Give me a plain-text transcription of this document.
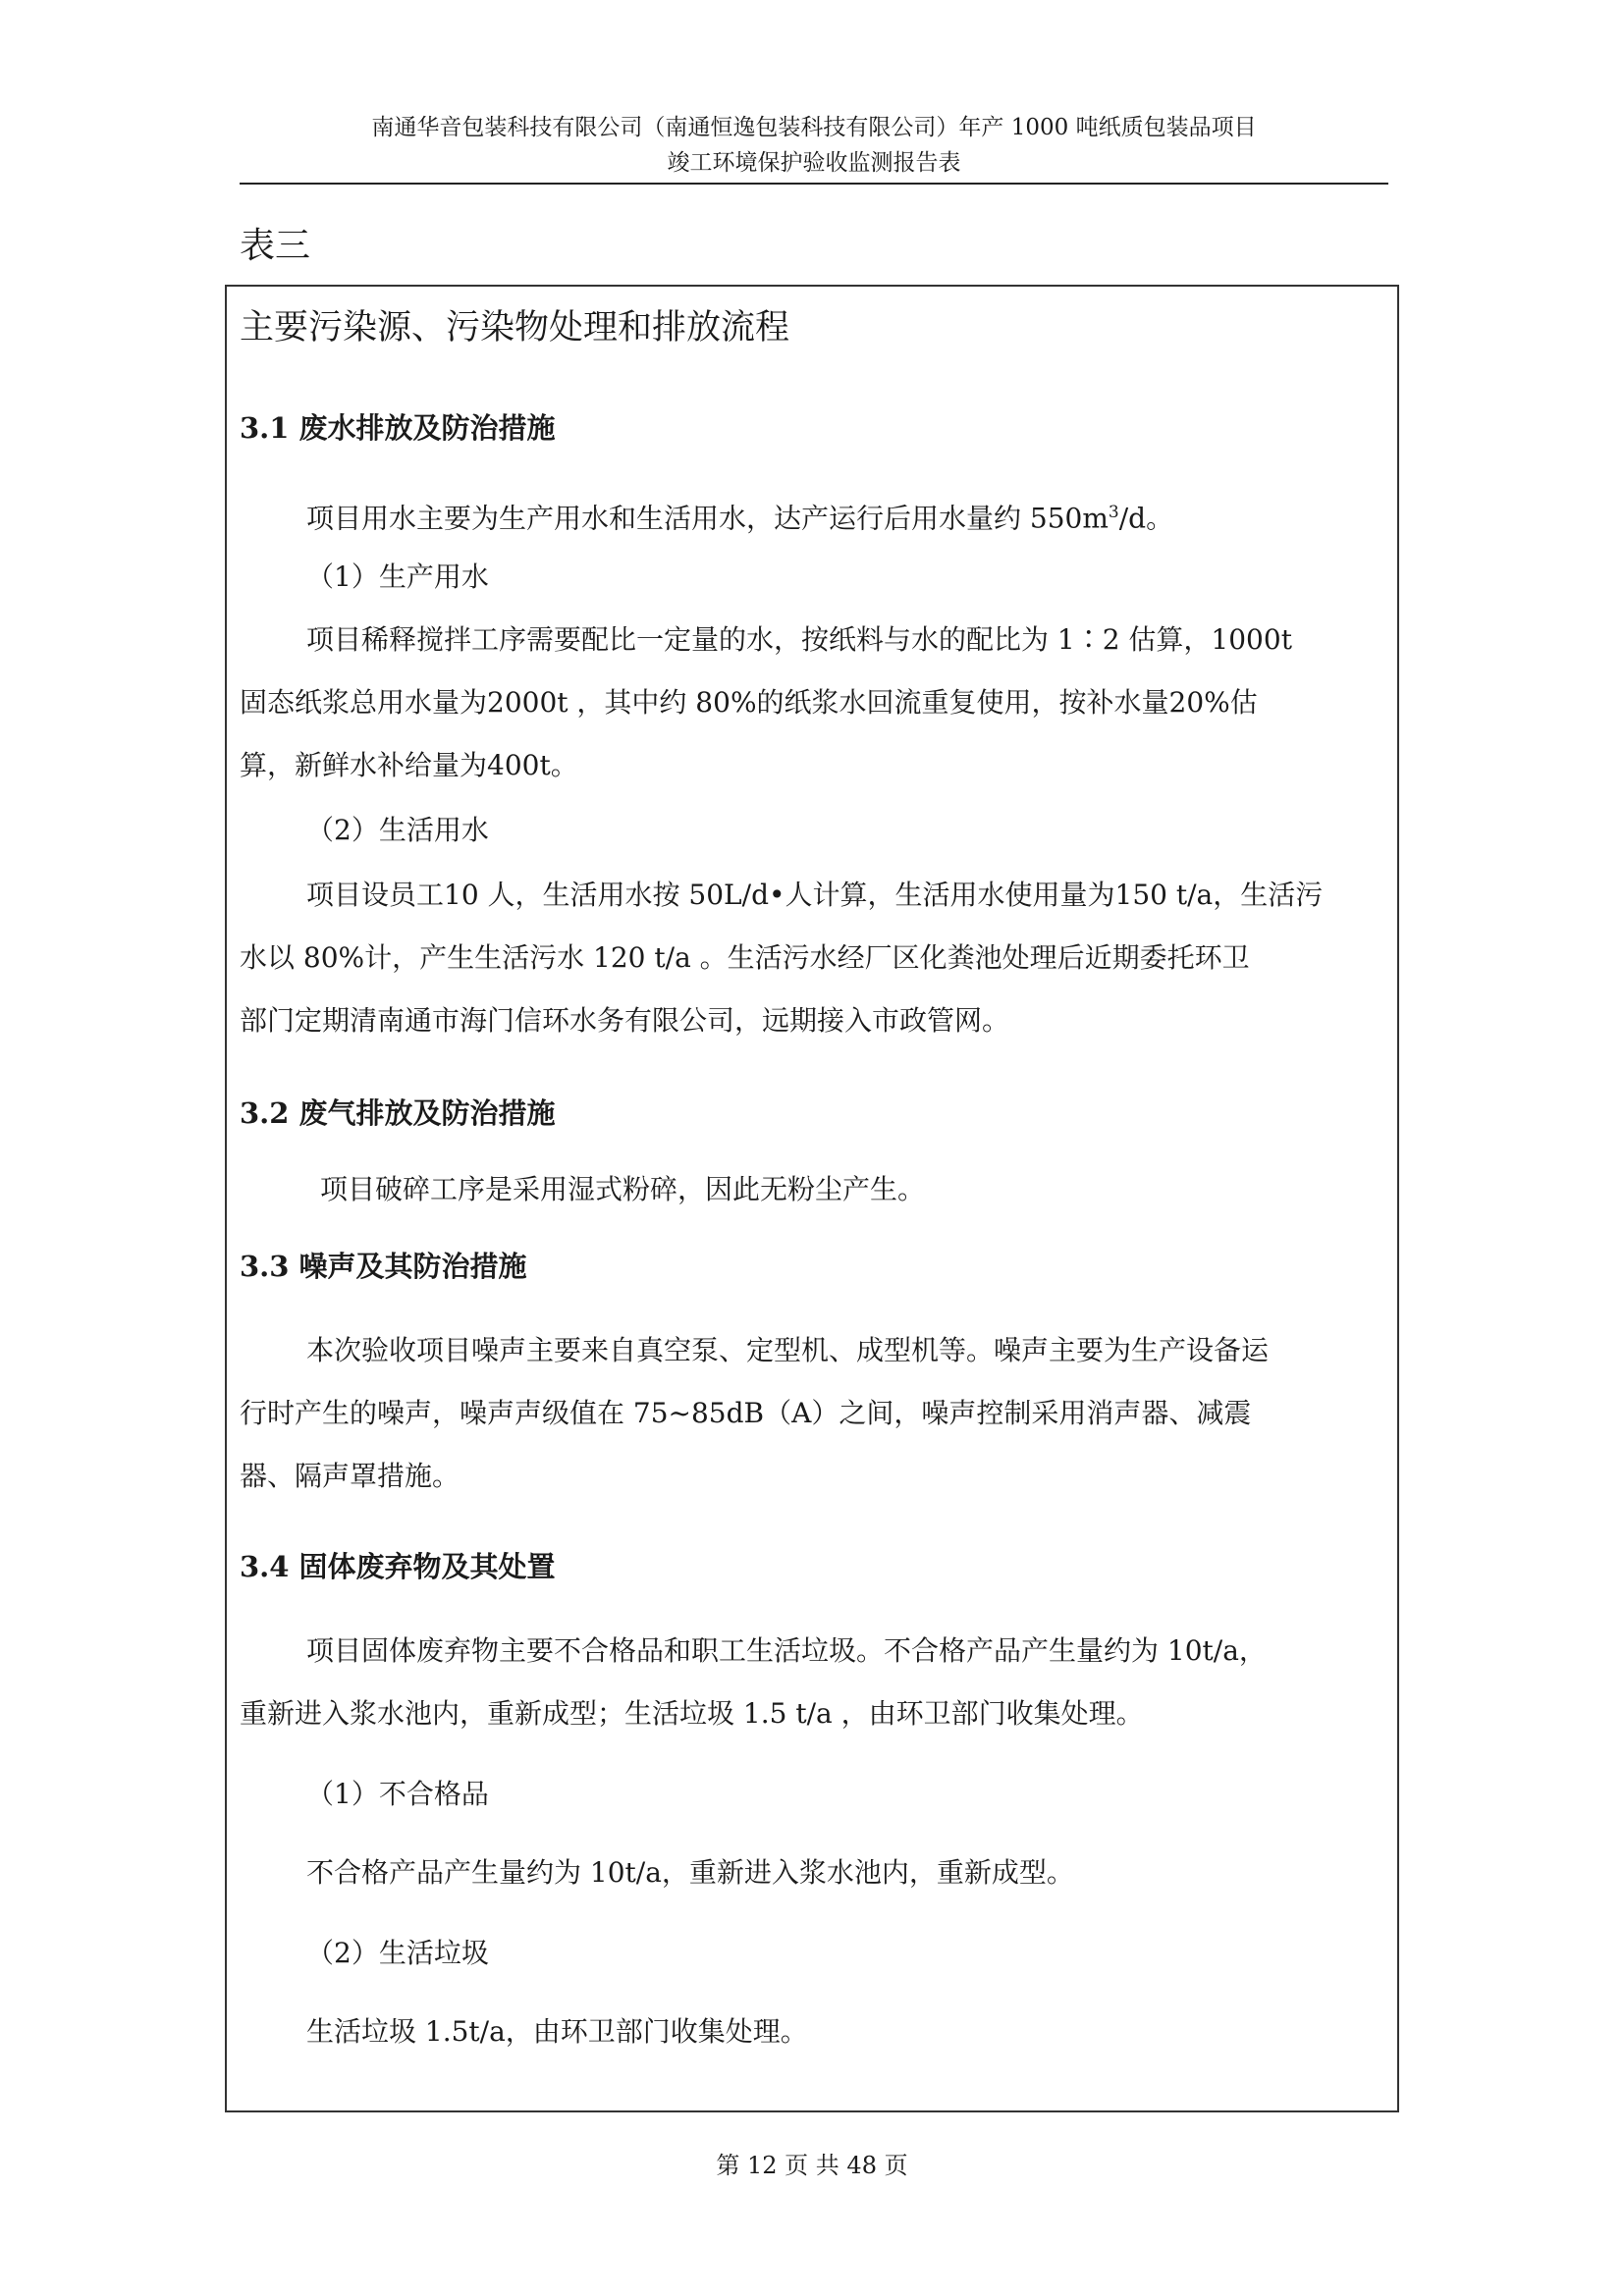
南通华音包装科技有限公司（南通恒逸包装科技有限公司）年产 1000 吨纸质包装品项目
竣工环境保护验收监测报告表
表三
主要污染源、污染物处理和排放流程
3.1 废水排放及防治措施
项目用水主要为生产用水和生活用水，达产运行后用水量约 $550m^3/d$。
（1）生产用水
项目稀释搅拌工序需要配比一定量的水，按纸料与水的配比为 1∶2 估算，1000t
固态纸浆总用水量为2000t ，其中约 80%的纸浆水回流重复使用，按补水量20%估
算，新鲜水补给量为400t。
（2）生活用水
项目设员工10 人，生活用水按 50L/d•人计算，生活用水使用量为150 t/a，生活污
水以 80%计，产生生活污水 120 t/a 。生活污水经厂区化粪池处理后近期委托环卫
部门定期清南通市海门信环水务有限公司，远期接入市政管网。
3.2 废气排放及防治措施
项目破碎工序是采用湿式粉碎，因此无粉尘产生。
3.3 噪声及其防治措施
本次验收项目噪声主要来自真空泵、定型机、成型机等。噪声主要为生产设备运
行时产生的噪声，噪声声级值在 75~85dB（A）之间，噪声控制采用消声器、减震
器、隔声罩措施。
3.4 固体废弃物及其处置
项目固体废弃物主要不合格品和职工生活垃圾。不合格产品产生量约为 10t/a，
重新进入浆水池内，重新成型；生活垃圾 1.5 t/a ，由环卫部门收集处理。
（1）不合格品
不合格产品产生量约为 10t/a，重新进入浆水池内，重新成型。
（2）生活垃圾
生活垃圾 1.5t/a，由环卫部门收集处理。
第 12 页 共 48 页
